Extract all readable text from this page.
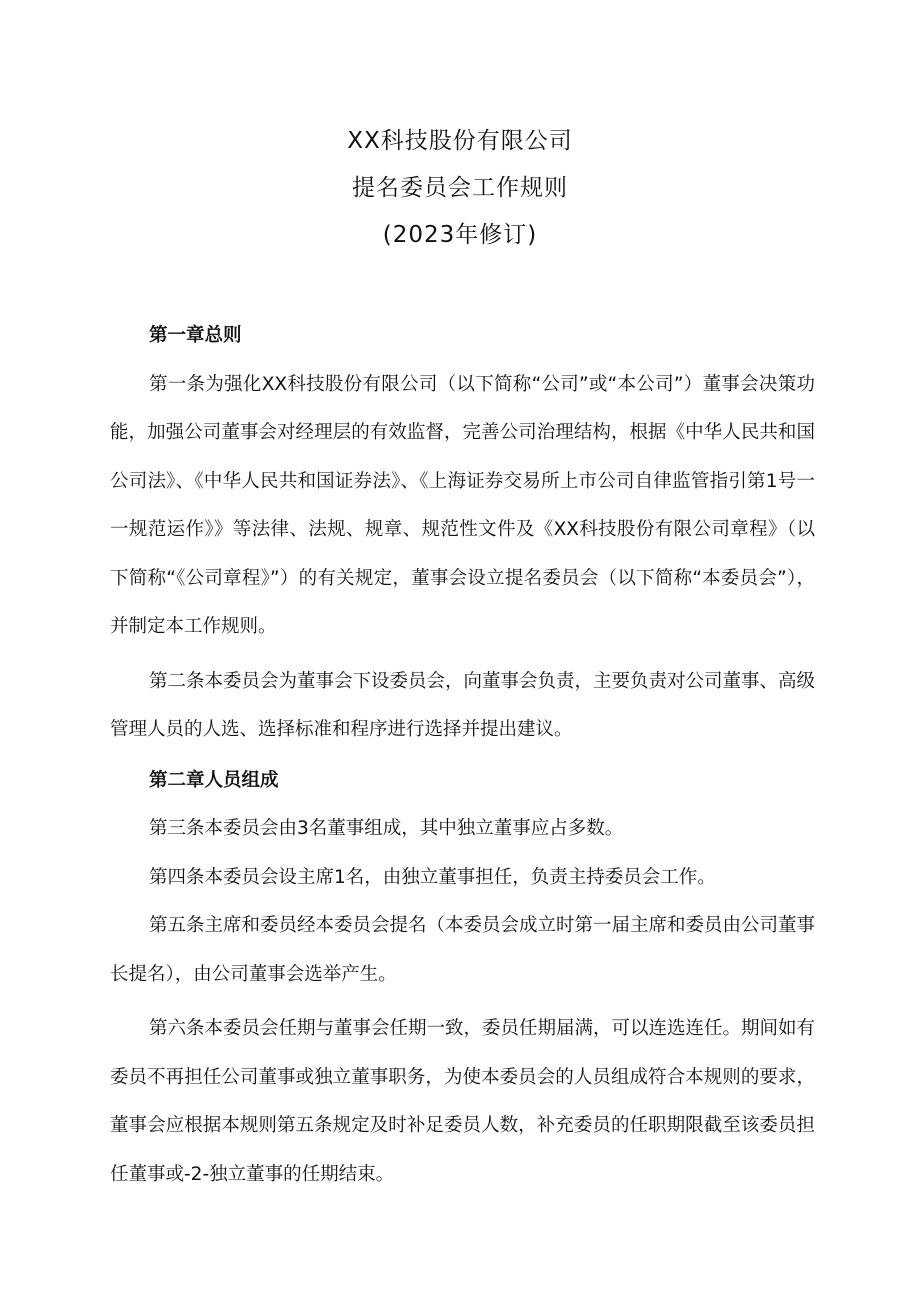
XX科技股份有限公司
提名委员会工作规则
(2023年修订)

第一章总则

第一条为强化XX科技股份有限公司（以下简称“公司”或“本公司”）董事会决策功能，加强公司董事会对经理层的有效监督，完善公司治理结构，根据《中华人民共和国公司法》、《中华人民共和国证券法》、《上海证券交易所上市公司自律监管指引第1号一一规范运作》》等法律、法规、规章、规范性文件及《XX科技股份有限公司章程》（以下简称“《公司章程》”）的有关规定，董事会设立提名委员会（以下简称“本委员会”），并制定本工作规则。

第二条本委员会为董事会下设委员会，向董事会负责，主要负责对公司董事、高级管理人员的人选、选择标准和程序进行选择并提出建议。

第二章人员组成

第三条本委员会由3名董事组成，其中独立董事应占多数。

第四条本委员会设主席1名，由独立董事担任，负责主持委员会工作。

第五条主席和委员经本委员会提名（本委员会成立时第一届主席和委员由公司董事长提名），由公司董事会选举产生。

第六条本委员会任期与董事会任期一致，委员任期届满，可以连选连任。期间如有委员不再担任公司董事或独立董事职务，为使本委员会的人员组成符合本规则的要求，董事会应根据本规则第五条规定及时补足委员人数，补充委员的任职期限截至该委员担任董事或-2-独立董事的任期结束。
